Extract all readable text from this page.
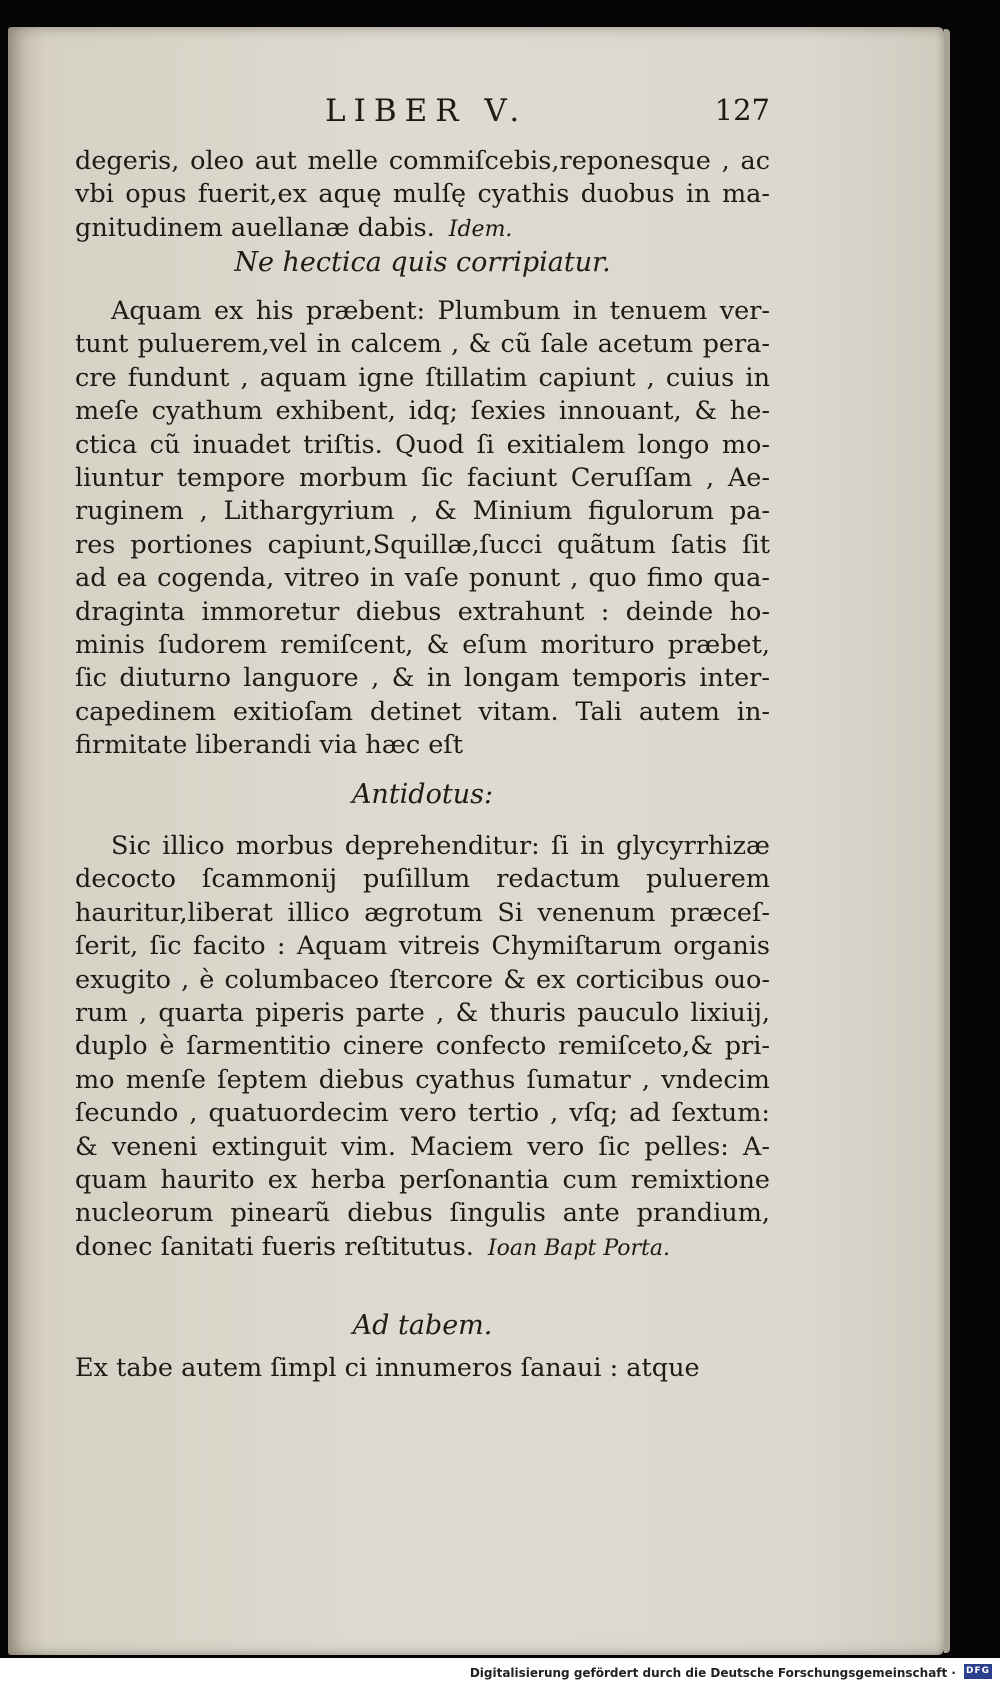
LIBER V.	127
degeris, oleo aut melle commiſcebis,reponesque , ac
vbi opus fuerit,ex aquę mulſę cyathis duobus in ma-
gnitudinem auellanæ dabis. Idem.
Ne hectica quis corripiatur.
Aquam ex his præbent: Plumbum in tenuem ver-
tunt puluerem,vel in calcem , & cũ ſale acetum pera-
cre fundunt , aquam igne ſtillatim capiunt , cuius in
meſe cyathum exhibent, idq; ſexies innouant, & he-
ctica cũ inuadet triſtis. Quod ſi exitialem longo mo-
liuntur tempore morbum ſic faciunt Ceruſſam , Ae-
ruginem , Lithargyrium , & Minium figulorum pa-
res portiones capiunt,Squillæ,ſucci quãtum ſatis ſit
ad ea cogenda, vitreo in vaſe ponunt , quo fimo qua-
draginta immoretur diebus extrahunt : deinde ho-
minis ſudorem remiſcent, & eſum morituro præbet,
ſic diuturno languore , & in longam temporis inter-
capedinem exitioſam detinet vitam. Tali autem in-
firmitate liberandi via hæc eſt
Antidotus:
Sic illico morbus deprehenditur: ſi in glycyrrhizæ
decocto ſcammonij puſillum redactum puluerem
hauritur,liberat illico ægrotum Si venenum præceſ-
ſerit, ſic facito : Aquam vitreis Chymiſtarum organis
exugito , è columbaceo ſtercore & ex corticibus ouo-
rum , quarta piperis parte , & thuris pauculo lixiuij,
duplo è ſarmentitio cinere confecto remiſceto,& pri-
mo menſe ſeptem diebus cyathus ſumatur , vndecim
ſecundo , quatuordecim vero tertio , vſq; ad ſextum:
& veneni extinguit vim. Maciem vero ſic pelles: A-
quam haurito ex herba perſonantia cum remixtione
nucleorum pinearũ diebus ſingulis ante prandium,
donec ſanitati fueris reſtitutus. Ioan Bapt Porta.
Ad tabem.
Ex tabe autem ſimpl ci innumeros ſanaui : atque
Digitalisierung gefördert durch die Deutsche Forschungsgemeinschaft · DFG
